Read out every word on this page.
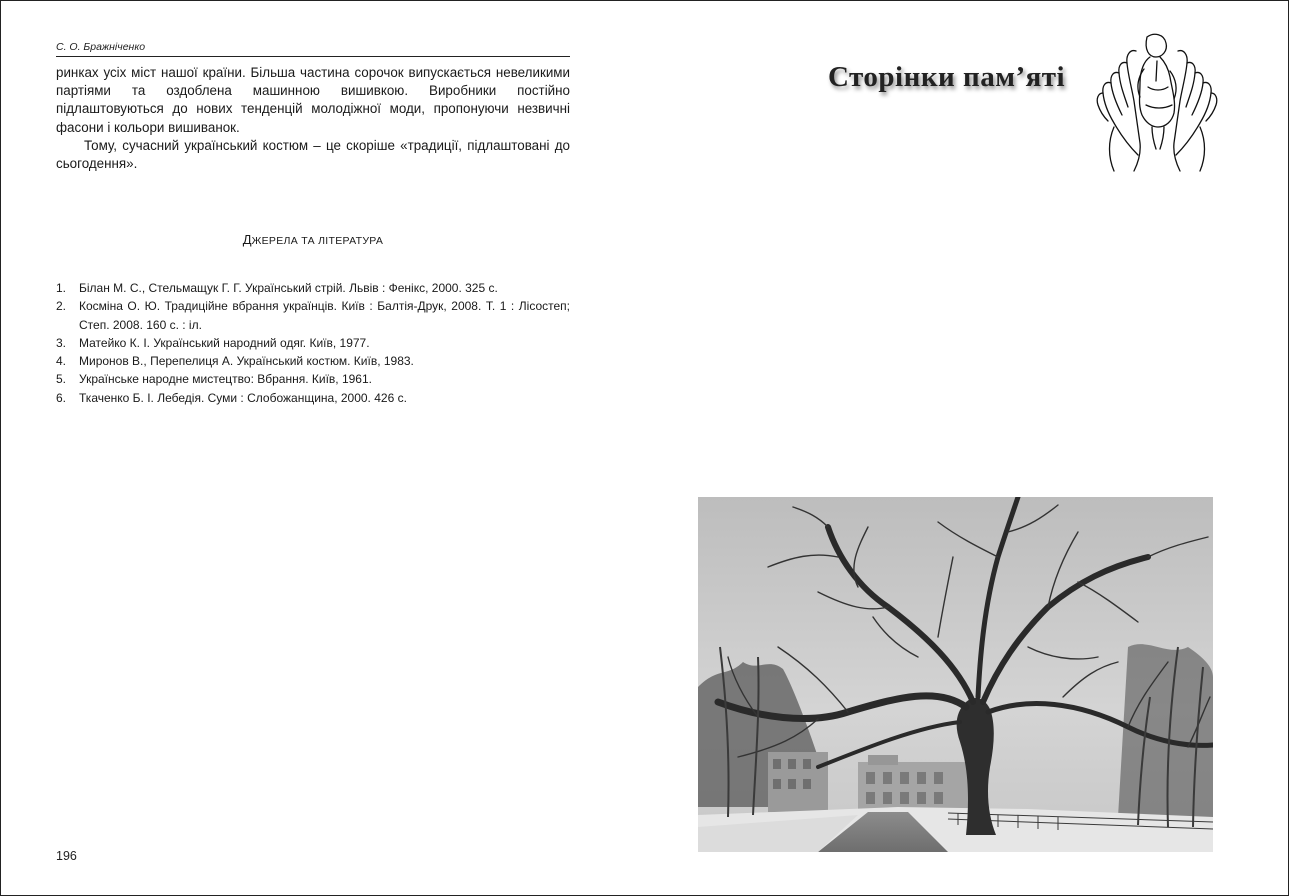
С. О. Бражніченко

ринках усіх міст нашої країни. Більша частина сорочок випускається невеликими партіями та оздоблена машинною вишивкою. Виробники постійно підлаштовуються до нових тенденцій молодіжної моди, пропонуючи незвичні фасони і кольори вишиванок.

Тому, сучасний український костюм – це скоріше «традиції, підлаштовані до сьогодення».

ДЖЕРЕЛА ТА ЛІТЕРАТУРА
1. Білан М. С., Стельмащук Г. Г. Український стрій. Львів : Фенікс, 2000. 325 с.
2. Косміна О. Ю. Традиційне вбрання українців. Київ : Балтія-Друк, 2008. Т. 1 : Лісостеп; Степ. 2008. 160 с. : іл.
3. Матейко К. І. Український народний одяг. Київ, 1977.
4. Миронов В., Перепелиця А. Український костюм. Київ, 1983.
5. Українське народне мистецтво: Вбрання. Київ, 1961.
6. Ткаченко Б. І. Лебедія. Суми : Слобожанщина, 2000. 426 с.
196
Сторінки пам’яті
